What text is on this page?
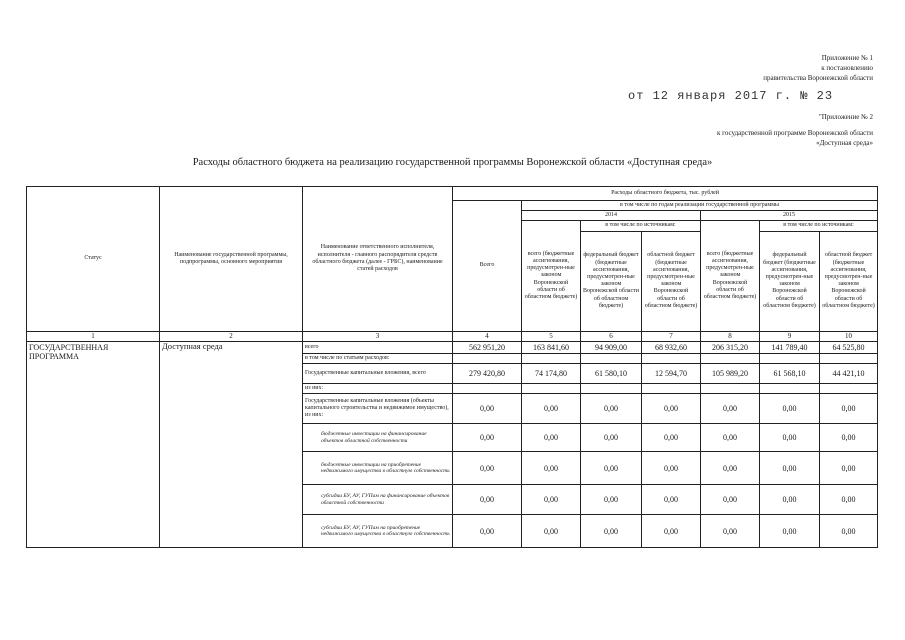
Приложение № 1
к постановлению
правительства Воронежской области
от 12 января 2017 г. № 23
"Приложение № 2
к государственной программе Воронежской области
«Доступная среда»
Расходы областного бюджета на реализацию государственной программы Воронежской области «Доступная среда»
Статус	Наименование государственной программы, подпрограммы, основного мероприятия	Наименование ответственного исполнителя, исполнителя - главного распорядителя средств областного бюджета (далее - ГРБС), наименование статей расходов	Расходы областного бюджета, тыс. рублей						
			Всего	в том числе по годам реализации государственной программы					
				2014			2015		
				всего (бюджетные ассигнования, предусмотрен-ные законом Воронежской области об областном бюджете)	в том числе по источникам:		всего (бюджетные ассигнования, предусмотрен-ные законом Воронежской области об областном бюджете)	в том числе по источникам:	
					федеральный бюджет (бюджетные ассигнования, предусмотрен-ные законом Воронежской области об областном бюджете)	областной бюджет (бюджетные ассигнования, предусмотрен-ные законом Воронежской области об областном бюджете)		федеральный бюджет (бюджетные ассигнования, предусмотрен-ные законом Воронежской области об областном бюджете)	областной бюджет (бюджетные ассигнования, предусмотрен-ные законом Воронежской области об областном бюджете)
1	2	3	4	5	6	7	8	9	10
ГОСУДАРСТВЕННАЯ ПРОГРАММА	Доступная среда	всего	562 951,20	163 841,60	94 909,00	68 932,60	206 315,20	141 789,40	64 525,80
		в том числе по статьям расходов:							
		Государственные капитальные вложения, всего	279 420,80	74 174,80	61 580,10	12 594,70	105 989,20	61 568,10	44 421,10
		из них:							
		Государственные капитальные вложения (объекты капитального строительства и недвижимое имущество), из них:	0,00	0,00	0,00	0,00	0,00	0,00	0,00
		бюджетные инвестиции на финансирование объектов областной собственности	0,00	0,00	0,00	0,00	0,00	0,00	0,00
		бюджетные инвестиции на приобретение недвижимого имущества в областную собственность	0,00	0,00	0,00	0,00	0,00	0,00	0,00
		субсидии БУ, АУ, ГУПам на финансирование объектов областной собственности	0,00	0,00	0,00	0,00	0,00	0,00	0,00
		субсидии БУ, АУ, ГУПам на приобретение недвижимого имущества в областную собственность	0,00	0,00	0,00	0,00	0,00	0,00	0,00
